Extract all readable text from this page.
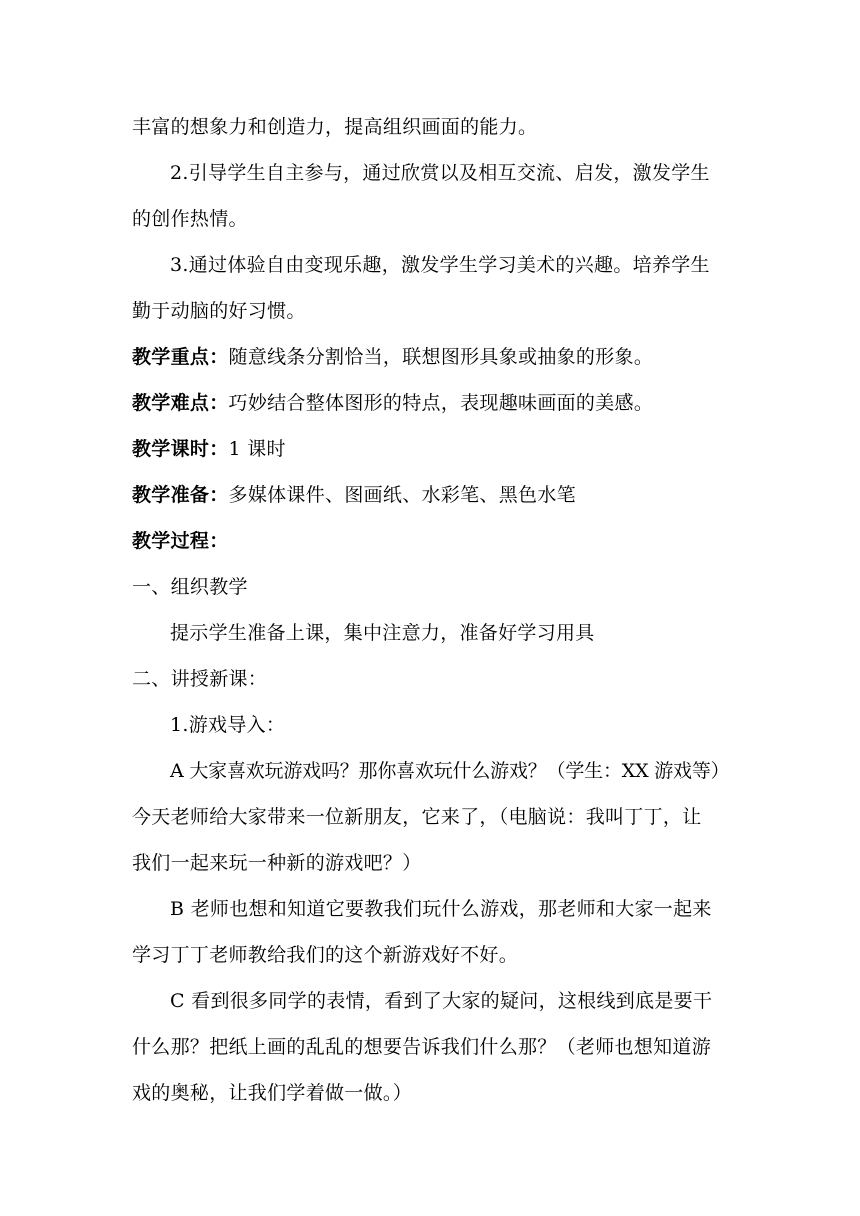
丰富的想象力和创造力，提高组织画面的能力。
2.引导学生自主参与，通过欣赏以及相互交流、启发，激发学生
的创作热情。
3.通过体验自由变现乐趣，激发学生学习美术的兴趣。培养学生
勤于动脑的好习惯。
教学重点：随意线条分割恰当，联想图形具象或抽象的形象。
教学难点：巧妙结合整体图形的特点，表现趣味画面的美感。
教学课时：1 课时
教学准备：多媒体课件、图画纸、水彩笔、黑色水笔
教学过程：
一、组织教学
提示学生准备上课，集中注意力，准备好学习用具
二、讲授新课：
1.游戏导入：
A 大家喜欢玩游戏吗？那你喜欢玩什么游戏？（学生：XX 游戏等）
今天老师给大家带来一位新朋友，它来了，（电脑说：我叫丁丁，让
我们一起来玩一种新的游戏吧？）
B 老师也想和知道它要教我们玩什么游戏，那老师和大家一起来
学习丁丁老师教给我们的这个新游戏好不好。
C 看到很多同学的表情，看到了大家的疑问，这根线到底是要干
什么那？把纸上画的乱乱的想要告诉我们什么那？（老师也想知道游
戏的奥秘，让我们学着做一做。）
